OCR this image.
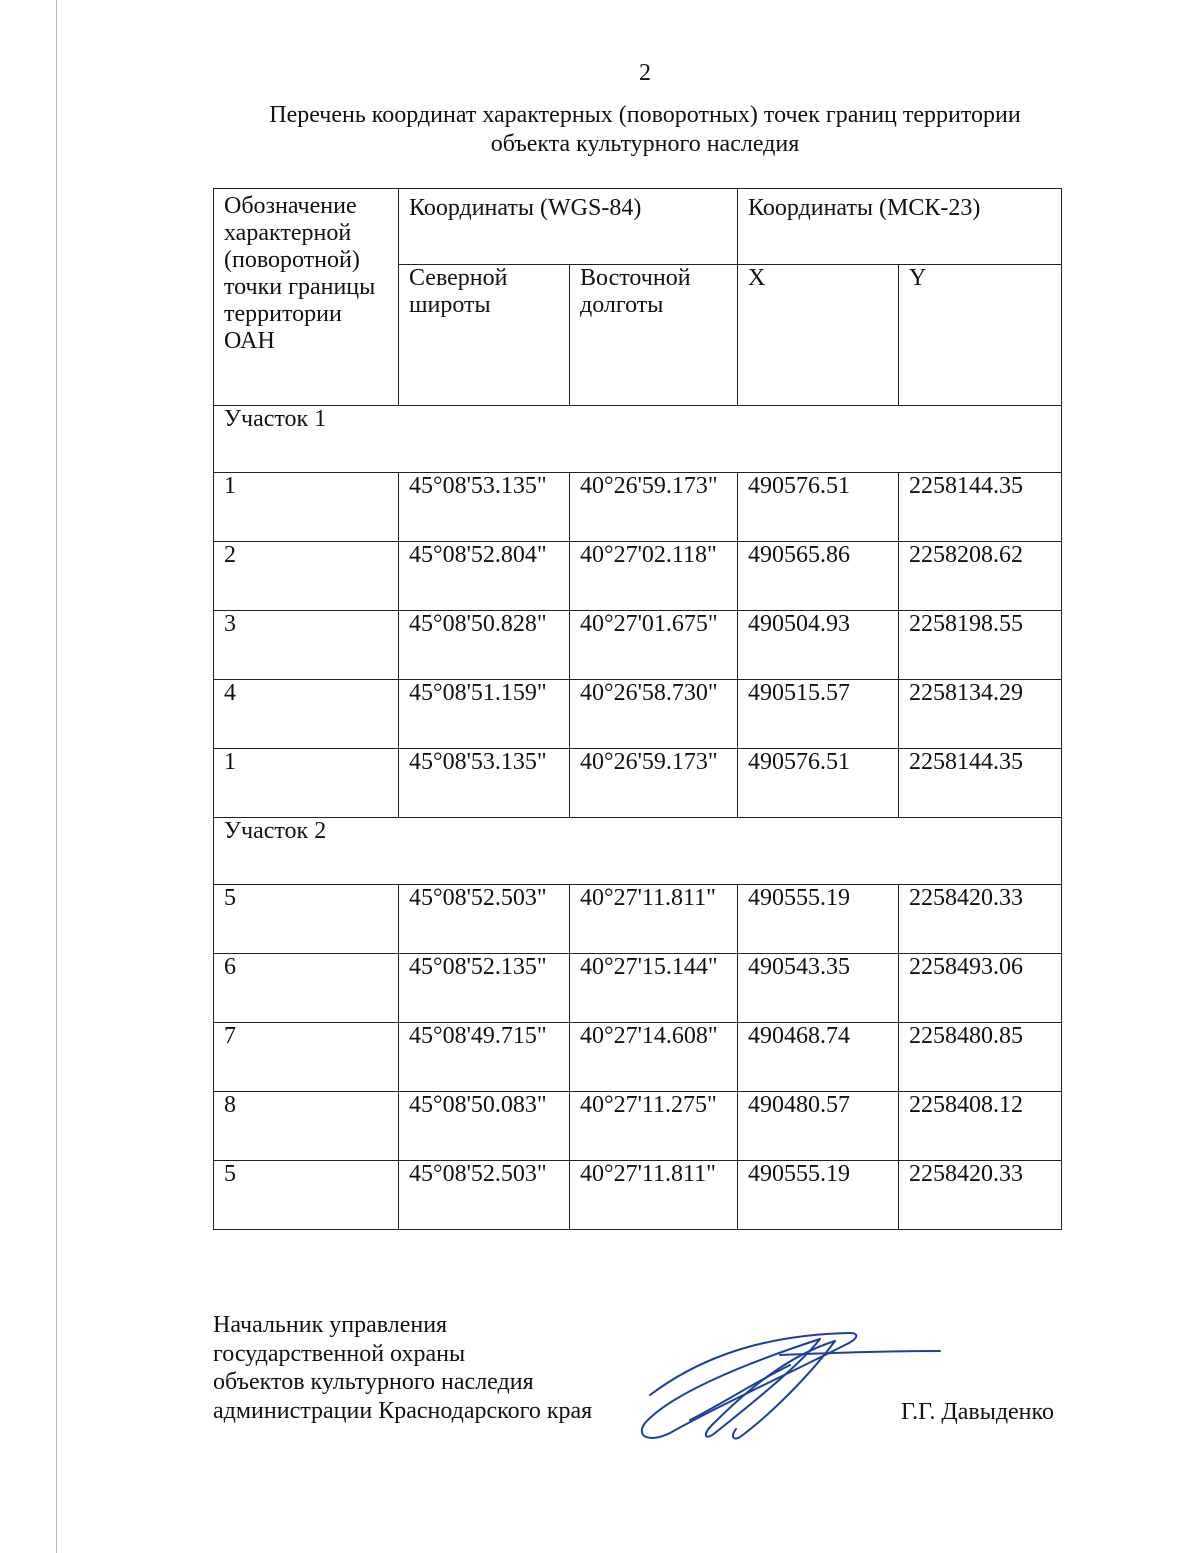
2
Перечень координат характерных (поворотных) точек границ территории
объекта культурного наследия
Обозначение характерной (поворотной) точки границы территории ОАН	Координаты (WGS-84)		Координаты (МСК-23)	
	Северной широты	Восточной долготы	X	Y
Участок 1				
1	45°08'53.135"	40°26'59.173"	490576.51	2258144.35
2	45°08'52.804"	40°27'02.118"	490565.86	2258208.62
3	45°08'50.828"	40°27'01.675"	490504.93	2258198.55
4	45°08'51.159"	40°26'58.730"	490515.57	2258134.29
1	45°08'53.135"	40°26'59.173"	490576.51	2258144.35
Участок 2				
5	45°08'52.503"	40°27'11.811"	490555.19	2258420.33
6	45°08'52.135"	40°27'15.144"	490543.35	2258493.06
7	45°08'49.715"	40°27'14.608"	490468.74	2258480.85
8	45°08'50.083"	40°27'11.275"	490480.57	2258408.12
5	45°08'52.503"	40°27'11.811"	490555.19	2258420.33
Начальник управления
государственной охраны
объектов культурного наследия
администрации Краснодарского края	Г.Г. Давыденко
